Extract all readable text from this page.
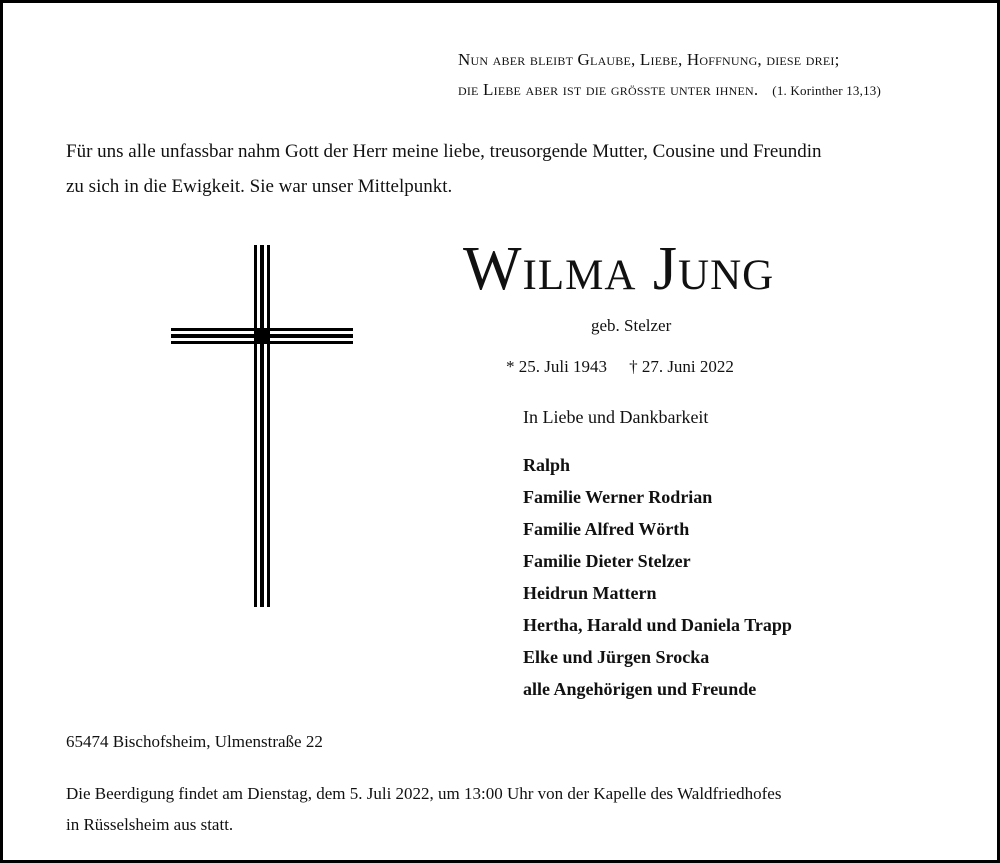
Nun aber bleibt Glaube, Liebe, Hoffnung, diese drei;
die Liebe aber ist die grösste unter ihnen. (1. Korinther 13,13)
Für uns alle unfassbar nahm Gott der Herr meine liebe, treusorgende Mutter, Cousine und Freundin
zu sich in die Ewigkeit. Sie war unser Mittelpunkt.
Wilma Jung
geb. Stelzer
* 25. Juli 1943 † 27. Juni 2022
In Liebe und Dankbarkeit
Ralph
Familie Werner Rodrian
Familie Alfred Wörth
Familie Dieter Stelzer
Heidrun Mattern
Hertha, Harald und Daniela Trapp
Elke und Jürgen Srocka
alle Angehörigen und Freunde
65474 Bischofsheim, Ulmenstraße 22
Die Beerdigung findet am Dienstag, dem 5. Juli 2022, um 13:00 Uhr von der Kapelle des Waldfriedhofes
in Rüsselsheim aus statt.
